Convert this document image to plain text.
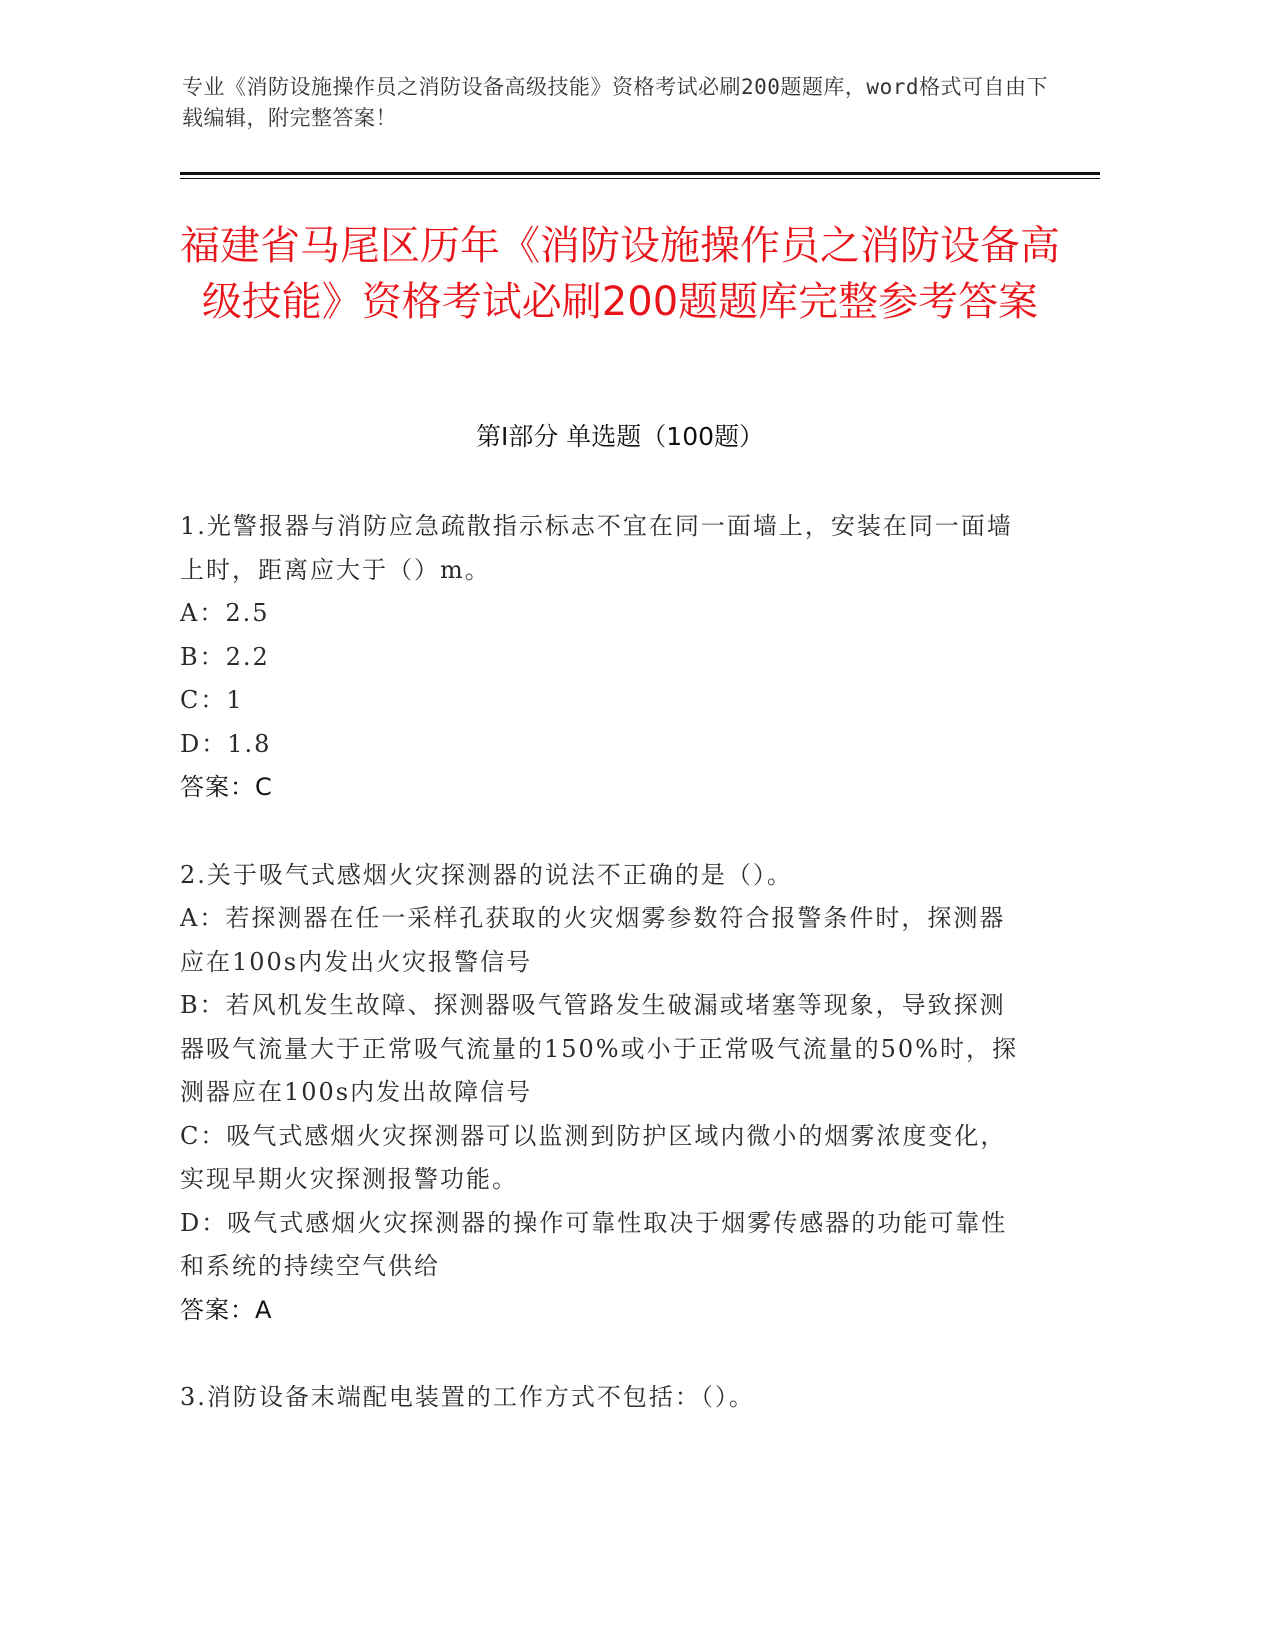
专业《消防设施操作员之消防设备高级技能》资格考试必刷200题题库，word格式可自由下载编辑，附完整答案！
福建省马尾区历年《消防设施操作员之消防设备高级技能》资格考试必刷200题题库完整参考答案
第Ⅰ部分 单选题（100题）
1.光警报器与消防应急疏散指示标志不宜在同一面墙上，安装在同一面墙上时，距离应大于（）m。
A：2.5
B：2.2
C：1
D：1.8
答案：C
2.关于吸气式感烟火灾探测器的说法不正确的是（）。
A：若探测器在任一采样孔获取的火灾烟雾参数符合报警条件时，探测器应在100s内发出火灾报警信号
B：若风机发生故障、探测器吸气管路发生破漏或堵塞等现象，导致探测器吸气流量大于正常吸气流量的150%或小于正常吸气流量的50%时，探测器应在100s内发出故障信号
C：吸气式感烟火灾探测器可以监测到防护区域内微小的烟雾浓度变化，实现早期火灾探测报警功能。
D：吸气式感烟火灾探测器的操作可靠性取决于烟雾传感器的功能可靠性和系统的持续空气供给
答案：A
3.消防设备末端配电装置的工作方式不包括：（）。
